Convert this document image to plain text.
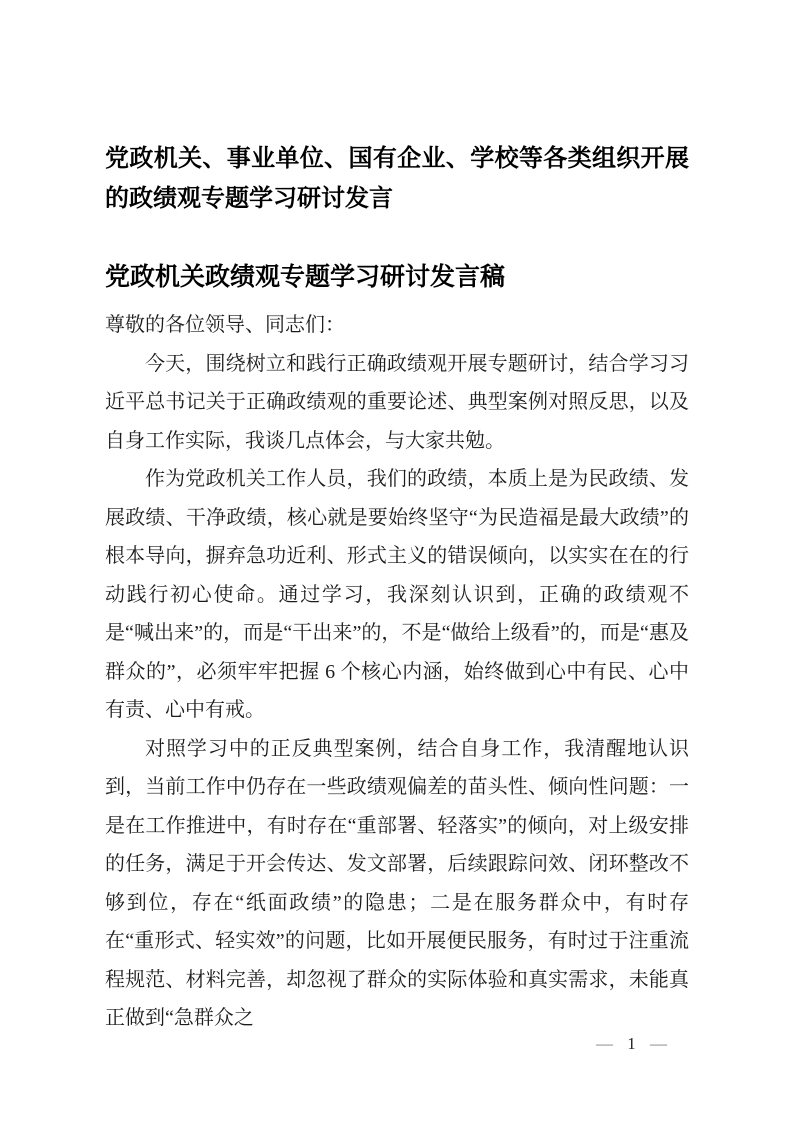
党政机关、事业单位、国有企业、学校等各类组织开展的政绩观专题学习研讨发言
党政机关政绩观专题学习研讨发言稿

尊敬的各位领导、同志们：

今天，围绕树立和践行正确政绩观开展专题研讨，结合学习习近平总书记关于正确政绩观的重要论述、典型案例对照反思，以及自身工作实际，我谈几点体会，与大家共勉。

作为党政机关工作人员，我们的政绩，本质上是为民政绩、发展政绩、干净政绩，核心就是要始终坚守“为民造福是最大政绩”的根本导向，摒弃急功近利、形式主义的错误倾向，以实实在在的行动践行初心使命。通过学习，我深刻认识到，正确的政绩观不是“喊出来”的，而是“干出来”的，不是“做给上级看”的，而是“惠及群众的”，必须牢牢把握 6 个核心内涵，始终做到心中有民、心中有责、心中有戒。

对照学习中的正反典型案例，结合自身工作，我清醒地认识到，当前工作中仍存在一些政绩观偏差的苗头性、倾向性问题：一是在工作推进中，有时存在“重部署、轻落实”的倾向，对上级安排的任务，满足于开会传达、发文部署，后续跟踪问效、闭环整改不够到位，存在“纸面政绩”的隐患；二是在服务群众中，有时存在“重形式、轻实效”的问题，比如开展便民服务，有时过于注重流程规范、材料完善，却忽视了群众的实际体验和真实需求，未能真正做到“急群众之

— 1 —
